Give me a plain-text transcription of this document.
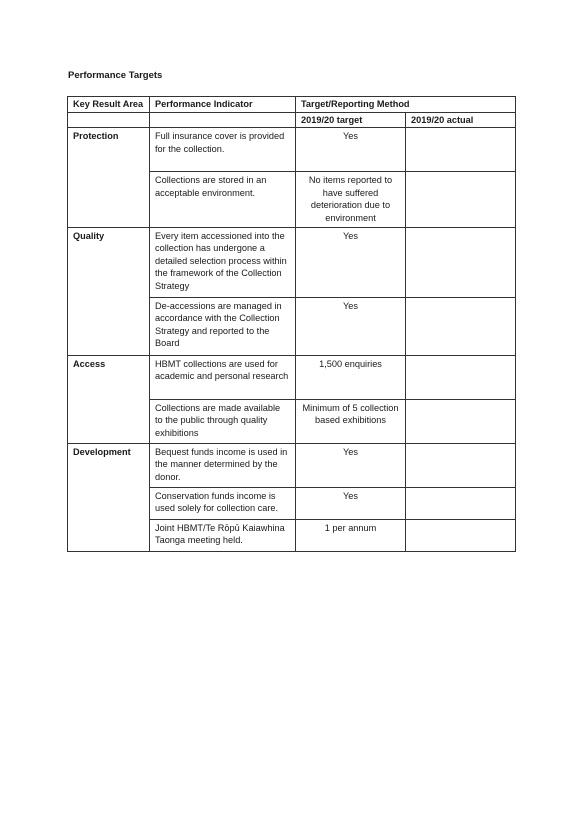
Performance Targets
Key Result Area	Performance Indicator	Target/Reporting Method	
		2019/20 target	2019/20 actual
Protection	Full insurance cover is provided for the collection.	Yes	
	Collections are stored in an acceptable environment.	No items reported to have suffered deterioration due to environment	
Quality	Every item accessioned into the collection has undergone a detailed selection process within the framework of the Collection Strategy	Yes	
	De-accessions are managed in accordance with the Collection Strategy and reported to the Board	Yes	
Access	HBMT collections are used for academic and personal research	1,500 enquiries	
	Collections are made available to the public through quality exhibitions	Minimum of 5 collection based exhibitions	
Development	Bequest funds income is used in the manner determined by the donor.	Yes	
	Conservation funds income is used solely for collection care.	Yes	
	Joint HBMT/Te Rōpū Kaiawhina Taonga meeting held.	1 per annum	
